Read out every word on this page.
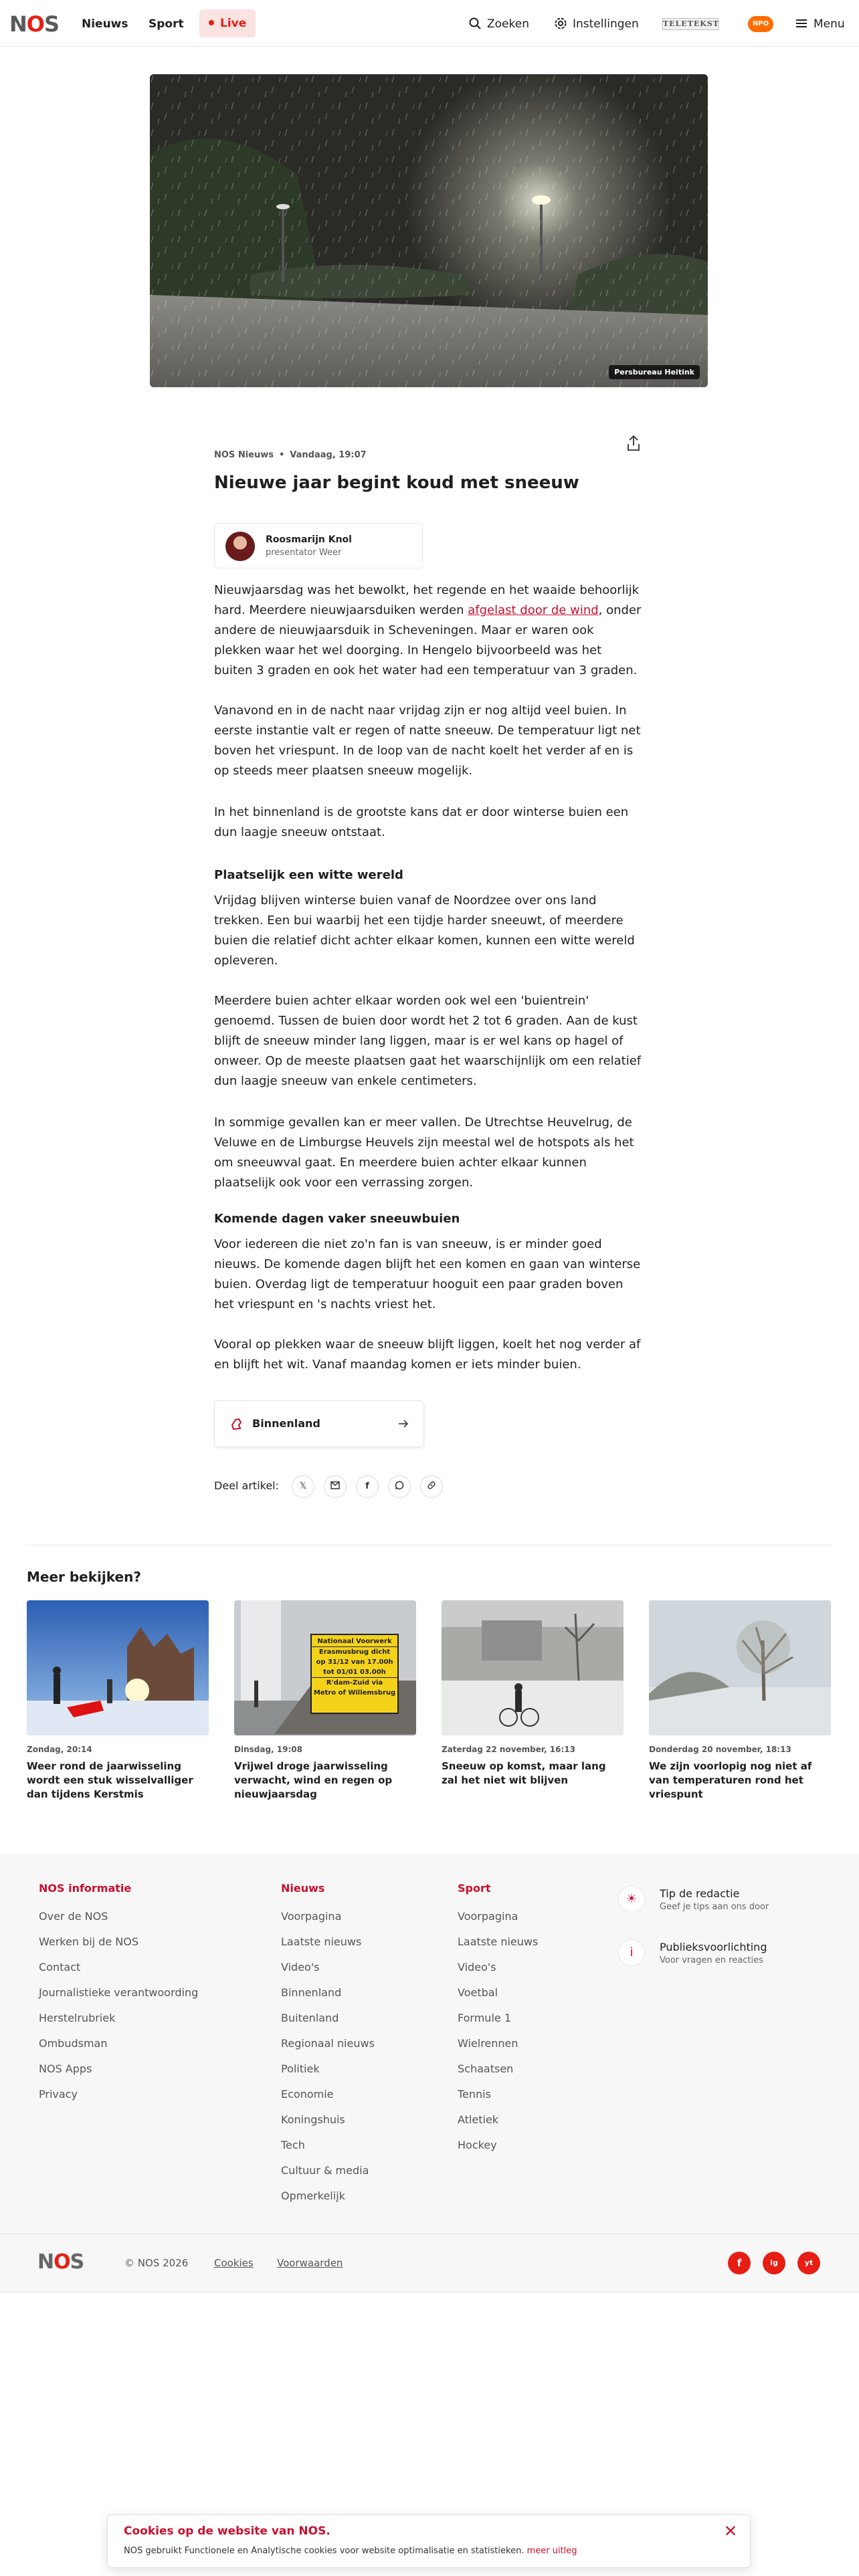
NOS Nieuws Sport	Live	Zoeken	Instellingen	TELETEKST	NPO	Menu
Persbureau Heitink
NOS Nieuws • Vandaag, 19:07
Nieuwe jaar begint koud met sneeuw
Roosmarijn Knol
presentator Weer

Nieuwjaarsdag was het bewolkt, het regende en het waaide behoorlijk hard. Meerdere nieuwjaarsduiken werden afgelast door de wind, onder andere de nieuwjaarsduik in Scheveningen. Maar er waren ook plekken waar het wel doorging. In Hengelo bijvoorbeeld was het buiten 3 graden en ook het water had een temperatuur van 3 graden.

Vanavond en in de nacht naar vrijdag zijn er nog altijd veel buien. In eerste instantie valt er regen of natte sneeuw. De temperatuur ligt net boven het vriespunt. In de loop van de nacht koelt het verder af en is op steeds meer plaatsen sneeuw mogelijk.
In het binnenland is de grootste kans dat er door winterse buien een dun laagje sneeuw ontstaat.
Plaatselijk een witte wereld
Vrijdag blijven winterse buien vanaf de Noordzee over ons land trekken. Een bui waarbij het een tijdje harder sneeuwt, of meerdere buien die relatief dicht achter elkaar komen, kunnen een witte wereld opleveren.
Meerdere buien achter elkaar worden ook wel een 'buientrein' genoemd. Tussen de buien door wordt het 2 tot 6 graden. Aan de kust blijft de sneeuw minder lang liggen, maar is er wel kans op hagel of onweer. Op de meeste plaatsen gaat het waarschijnlijk om een relatief dun laagje sneeuw van enkele centimeters.
In sommige gevallen kan er meer vallen. De Utrechtse Heuvelrug, de Veluwe en de Limburgse Heuvels zijn meestal wel de hotspots als het om sneeuwval gaat. En meerdere buien achter elkaar kunnen plaatselijk ook voor een verrassing zorgen.
Komende dagen vaker sneeuwbuien
Voor iedereen die niet zo'n fan is van sneeuw, is er minder goed nieuws. De komende dagen blijft het een komen en gaan van winterse buien. Overdag ligt de temperatuur hooguit een paar graden boven het vriespunt en 's nachts vriest het.
Vooral op plekken waar de sneeuw blijft liggen, koelt het nog verder af en blijft het wit. Vanaf maandag komen er iets minder buien.
Binnenland
Deel artikel:	𝕏	f
Meer bekijken?
Zondag, 20:14
Weer rond de jaarwisseling wordt een stuk wisselvalliger dan tijdens Kerstmis
Nationaal Voorwerk
Erasmusbrug dicht
op 31/12 van 17.00h
tot 01/01 03.00h
R'dam-Zuid via
Metro of Willemsbrug
Dinsdag, 19:08
Vrijwel droge jaarwisseling verwacht, wind en regen op nieuwjaarsdag
Zaterdag 22 november, 16:13
Sneeuw op komst, maar lang zal het niet wit blijven
Donderdag 20 november, 18:13
We zijn voorlopig nog niet af van temperaturen rond het vriespunt
NOS informatie
Over de NOS
Werken bij de NOS
Contact
Journalistieke verantwoording
Herstelrubriek
Ombudsman
NOS Apps
Privacy
Nieuws
Voorpagina
Laatste nieuws
Video's
Binnenland
Buitenland
Regionaal nieuws
Politiek
Economie
Koningshuis
Tech
Cultuur & media
Opmerkelijk
Sport
Voorpagina
Laatste nieuws
Video's
Voetbal
Formule 1
Wielrennen
Schaatsen
Tennis
Atletiek
Hockey
☀	Tip de redactie
Geef je tips aan ons door
i	Publieksvoorlichting
Voor vragen en reacties
NOS	© NOS 2026	Cookies Voorwaarden	f	ig	yt
Cookies op de website van NOS.
NOS gebruikt Functionele en Analytische cookies voor website optimalisatie en statistieken. meer uitleg
✕
